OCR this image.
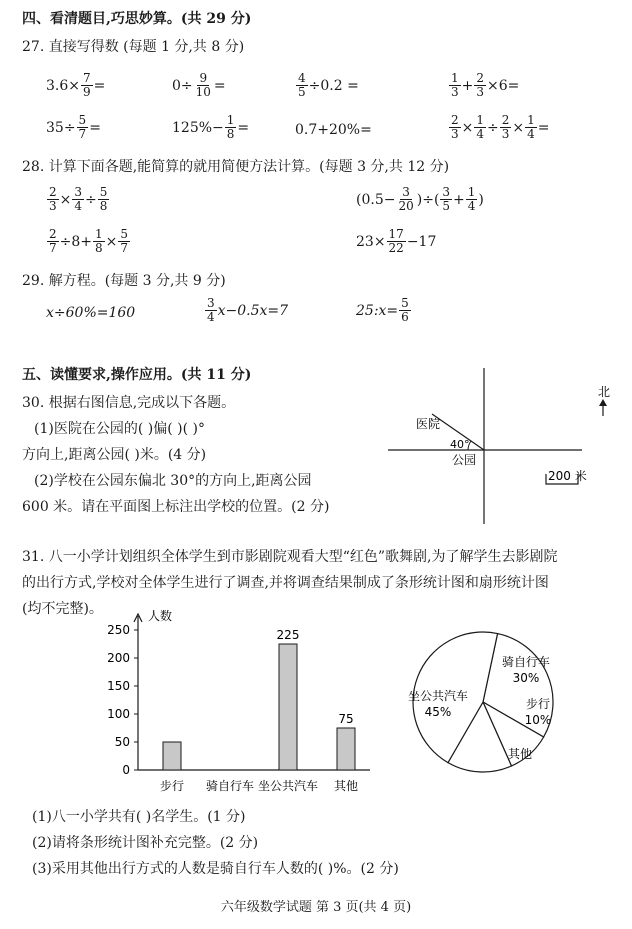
四、看清题目,巧思妙算。(共 29 分)
27. 直接写得数 (每题 1 分,共 8 分)
$3.6\times \frac{7}{9}$ =	$0\div \frac{9}{10}$ =	$\frac{4}{5} \div 0.2$ =	$\frac{1}{3} + \frac{2}{3} \times 6=$
$35\div \frac{5}{7}$ =	$125\%- \frac{1}{8}$ =	0.7+20%=	$\frac{2}{3} \times \frac{1}{4} \div \frac{2}{3} \times \frac{1}{4}$ =
28. 计算下面各题,能简算的就用简便方法计算。(每题 3 分,共 12 分)
$\frac{2}{3} \times \frac{3}{4} \div \frac{5}{8}$	($0.5- \frac{3}{20}$ )÷( $\frac{3}{5} + \frac{1}{4}$ )
$\frac{2}{7} \div 8+ \frac{1}{8} \times \frac{5}{7}$	$23\times \frac{17}{22} -17$
29. 解方程。(每题 3 分,共 9 分)
x÷60%=160	$\frac{3}{4} x-0.5x=7$	25:x= $\frac{5}{6}$
五、读懂要求,操作应用。(共 11 分)
30. 根据右图信息,完成以下各题。
(1)医院在公园的( )偏( )( )°
方向上,距离公园( )米。(4 分)
(2)学校在公园东偏北 30°的方向上,距离公园
600 米。请在平面图上标注出学校的位置。(2 分)
医院
40°
公园
北
200 米
31. 八一小学计划组织全体学生到市影剧院观看大型“红色”歌舞剧,为了解学生去影剧院
的出行方式,学校对全体学生进行了调查,并将调查结果制成了条形统计图和扇形统计图
(均不完整)。	人数
0
50
100
150
200
250
步行 骑自行车
225
坐公共汽车
75
其他
骑自行车
30%
步行
10%
其他
坐公共汽车
45%
(1)八一小学共有( )名学生。(1 分)
(2)请将条形统计图补充完整。(2 分)
(3)采用其他出行方式的人数是骑自行车人数的( )%。(2 分)
六年级数学试题 第 3 页(共 4 页)
